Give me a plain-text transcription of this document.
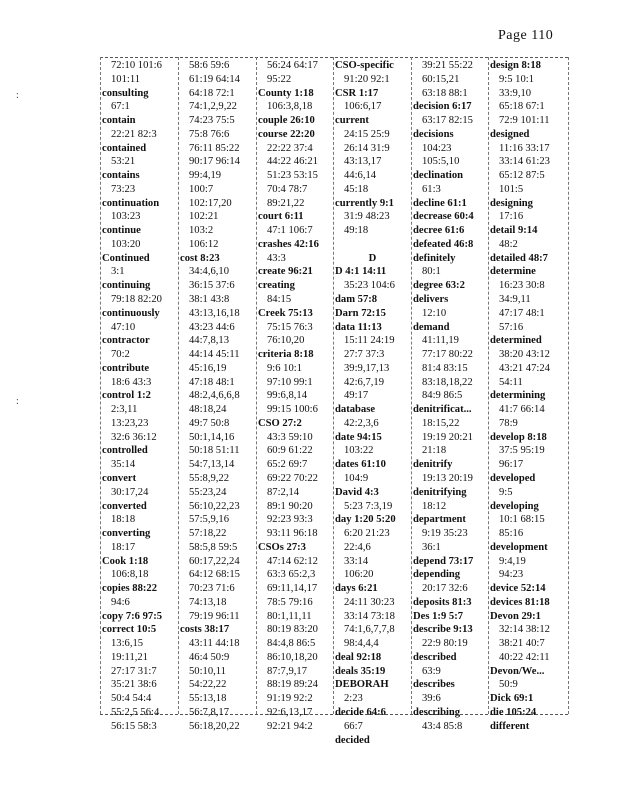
Page 110
:
:
72:10 101:6
101:11
consulting
67:1
contain
22:21 82:3
contained
53:21
contains
73:23
continuation
103:23
continue
103:20
Continued
3:1
continuing
79:18 82:20
continuously
47:10
contractor
70:2
contribute
18:6 43:3
control 1:2
2:3,11
13:23,23
32:6 36:12
controlled
35:14
convert
30:17,24
converted
18:18
converting
18:17
Cook 1:18
106:8,18
copies 88:22
94:6
copy 7:6 97:5
correct 10:5
13:6,15
19:11,21
27:17 31:7
35:21 38:6
50:4 54:4
55:2,5 56:4
56:15 58:3
58:6 59:6
61:19 64:14
64:18 72:1
74:1,2,9,22
74:23 75:5
75:8 76:6
76:11 85:22
90:17 96:14
99:4,19
100:7
102:17,20
102:21
103:2
106:12
cost 8:23
34:4,6,10
36:15 37:6
38:1 43:8
43:13,16,18
43:23 44:6
44:7,8,13
44:14 45:11
45:16,19
47:18 48:1
48:2,4,6,6,8
48:18,24
49:7 50:8
50:1,14,16
50:18 51:11
54:7,13,14
55:8,9,22
55:23,24
56:10,22,23
57:5,9,16
57:18,22
58:5,8 59:5
60:17,22,24
64:12 68:15
70:23 71:6
74:13,18
79:19 96:11
costs 38:17
43:11 44:18
46:4 50:9
50:10,11
54:22,22
55:13,18
56:7,8,17
56:18,20,22
56:24 64:17
95:22
County 1:18
106:3,8,18
couple 26:10
course 22:20
22:22 37:4
44:22 46:21
51:23 53:15
70:4 78:7
89:21,22
court 6:11
47:1 106:7
crashes 42:16
43:3
create 96:21
creating
84:15
Creek 75:13
75:15 76:3
76:10,20
criteria 8:18
9:6 10:1
97:10 99:1
99:6,8,14
99:15 100:6
CSO 27:2
43:3 59:10
60:9 61:22
65:2 69:7
69:22 70:22
87:2,14
89:1 90:20
92:23 93:3
93:11 96:18
CSOs 27:3
47:14 62:12
63:3 65:2,3
69:11,14,17
78:5 79:16
80:1,11,11
80:19 83:20
84:4,8 86:5
86:10,18,20
87:7,9,17
88:19 89:24
91:19 92:2
92:6,13,17
92:21 94:2
CSO-specific
91:20 92:1
CSR 1:17
106:6,17
current
24:15 25:9
26:14 31:9
43:13,17
44:6,14
45:18
currently 9:1
31:9 48:23
49:18
D
D 4:1 14:11
35:23 104:6
dam 57:8
Darn 72:15
data 11:13
15:11 24:19
27:7 37:3
39:9,17,13
42:6,7,19
49:17
database
42:2,3,6
date 94:15
103:22
dates 61:10
104:9
David 4:3
5:23 7:3,19
day 1:20 5:20
6:20 21:23
22:4,6
33:14
106:20
days 6:21
24:11 30:23
33:14 73:18
74:1,6,7,7,8
98:4,4,4
deal 92:18
deals 35:19
DEBORAH
2:23
decide 64:6
66:7
decided
39:21 55:22
60:15,21
63:18 88:1
decision 6:17
63:17 82:15
decisions
104:23
105:5,10
declination
61:3
decline 61:1
decrease 60:4
decree 61:6
defeated 46:8
definitely
80:1
degree 63:2
delivers
12:10
demand
41:11,19
77:17 80:22
81:4 83:15
83:18,18,22
84:9 86:5
denitrificat...
18:15,22
19:19 20:21
21:18
denitrify
19:13 20:19
denitrifying
18:12
department
9:19 35:23
36:1
depend 73:17
depending
20:17 32:6
deposits 81:3
Des 1:9 5:7
describe 9:13
22:9 80:19
described
63:9
describes
39:6
describing
43:4 85:8
design 8:18
9:5 10:1
33:9,10
65:18 67:1
72:9 101:11
designed
11:16 33:17
33:14 61:23
65:12 87:5
101:5
designing
17:16
detail 9:14
48:2
detailed 48:7
determine
16:23 30:8
34:9,11
47:17 48:1
57:16
determined
38:20 43:12
43:21 47:24
54:11
determining
41:7 66:14
78:9
develop 8:18
37:5 95:19
96:17
developed
9:5
developing
10:1 68:15
85:16
development
9:4,19
94:23
device 52:14
devices 81:18
Devon 29:1
32:14 38:12
38:21 40:7
40:22 42:11
Devon/We...
50:9
Dick 69:1
die 105:24
different
